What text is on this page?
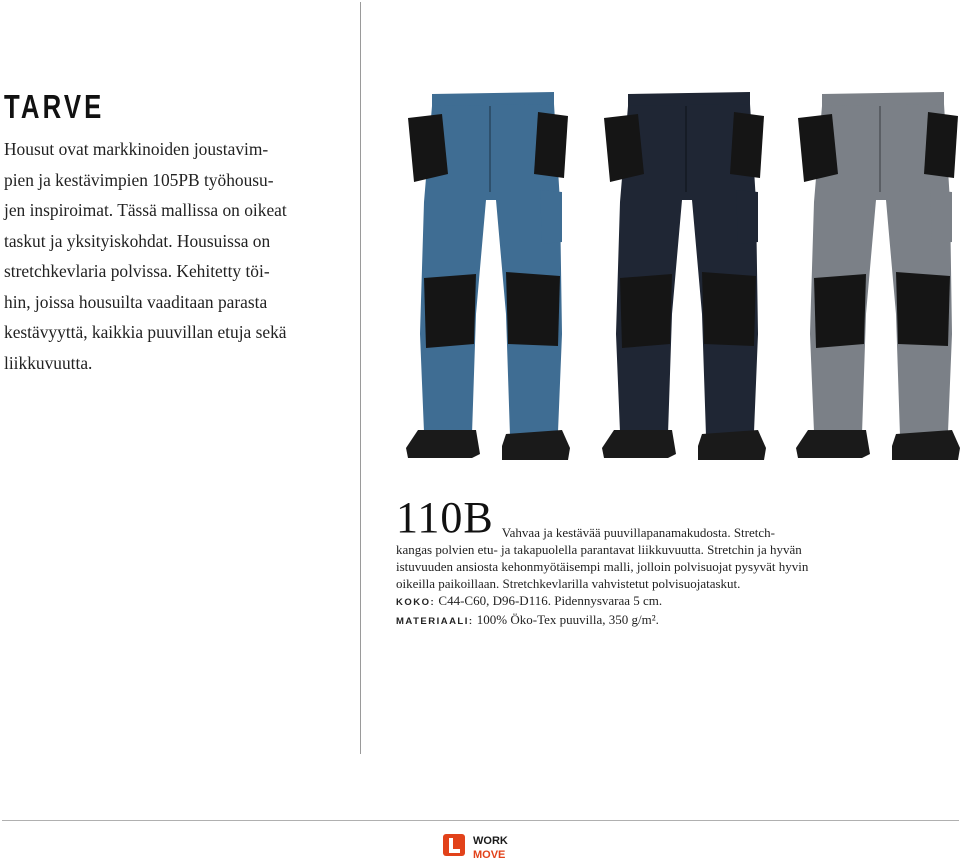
TARVE

Housut ovat markkinoiden joustavim-
pien ja kestävimpien 105PB työhousu-
jen inspiroimat. Tässä mallissa on oikeat
taskut ja yksityiskohdat. Housuissa on
stretchkevlaria polvissa. Kehitetty töi-
hin, joissa housuilta vaaditaan parasta
kestävyyttä, kaikkia puuvillan etuja sekä
liikkuvuutta.

110B Vahvaa ja kestävää puuvillapanamakudosta. Stretch-
kangas polvien etu- ja takapuolella parantavat liikkuvuutta. Stretchin ja hyvän
istuvuuden ansiosta kehonmyötäisempi malli, jolloin polvisuojat pysyvät hyvin
oikeilla paikoillaan. Stretchkevlarilla vahvistetut polvisuojataskut.
KOKO: C44-C60, D96-D116. Pidennysvaraa 5 cm.
MATERIAALI: 100% Öko-Tex puuvilla, 350 g/m².
WORK
MOVE
